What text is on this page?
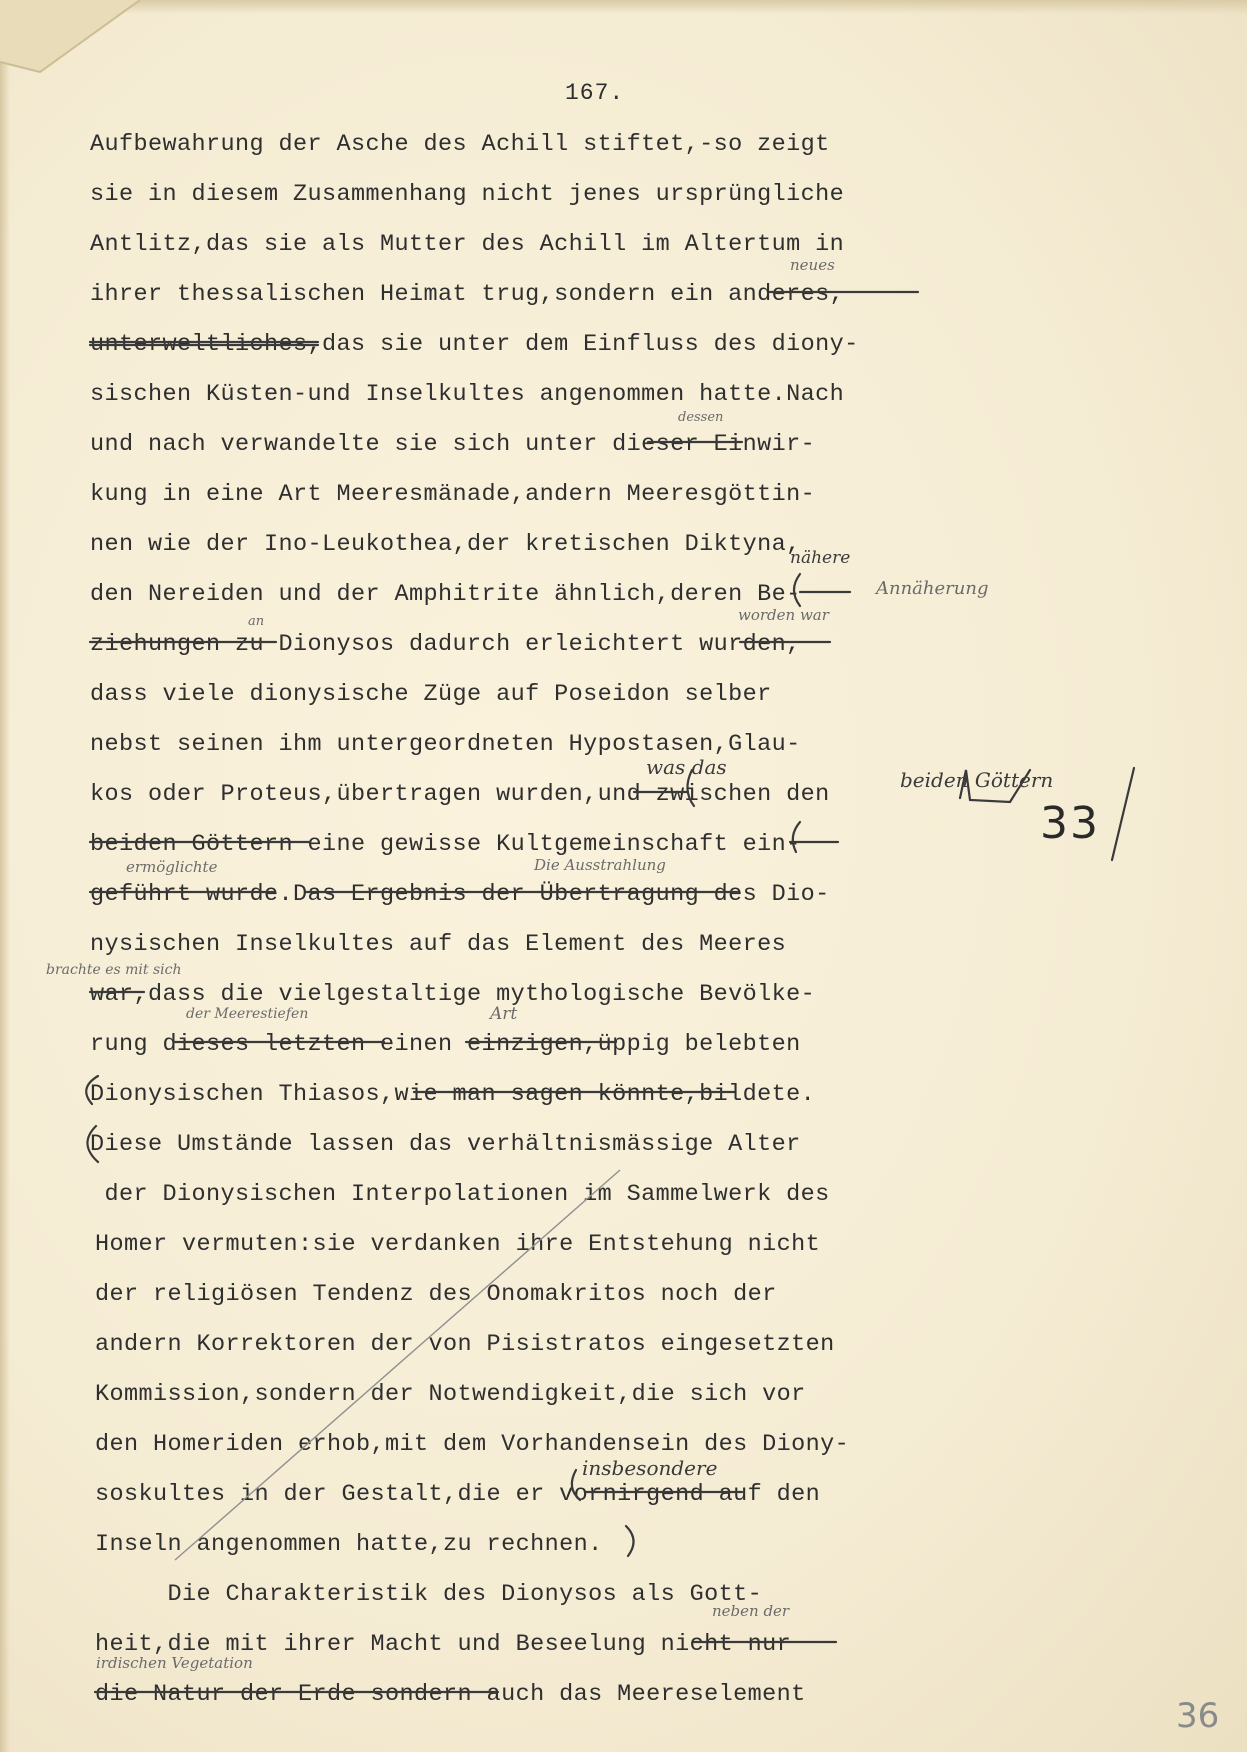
167.

Aufbewahrung der Asche des Achill stiftet,-so zeigt

sie in diesem Zusammenhang nicht jenes ursprüngliche

Antlitz,das sie als Mutter des Achill im Altertum in

ihrer thessalischen Heimat trug,sondern ein anderes,

unterweltliches,das sie unter dem Einfluss des diony-

sischen Küsten-und Inselkultes angenommen hatte.Nach

und nach verwandelte sie sich unter dieser Einwir-

kung in eine Art Meeresmänade,andern Meeresgöttin-

nen wie der Ino-Leukothea,der kretischen Diktyna,

den Nereiden und der Amphitrite ähnlich,deren Be-

ziehungen zu Dionysos dadurch erleichtert wurden,

dass viele dionysische Züge auf Poseidon selber

nebst seinen ihm untergeordneten Hypostasen,Glau-

kos oder Proteus,übertragen wurden,und zwischen den

beiden Göttern eine gewisse Kultgemeinschaft ein-

geführt wurde.Das Ergebnis der Übertragung des Dio-

nysischen Inselkultes auf das Element des Meeres

war,dass die vielgestaltige mythologische Bevölke-

rung dieses letzten einen einzigen,üppig belebten

Dionysischen Thiasos,wie man sagen könnte,bildete.

Diese Umstände lassen das verhältnismässige Alter

der Dionysischen Interpolationen im Sammelwerk des

Homer vermuten:sie verdanken ihre Entstehung nicht

der religiösen Tendenz des Onomakritos noch der

andern Korrektoren der von Pisistratos eingesetzten

Kommission,sondern der Notwendigkeit,die sich vor

den Homeriden erhob,mit dem Vorhandensein des Diony-

soskultes in der Gestalt,die er vornirgend auf den

Inseln angenommen hatte,zu rechnen.

Die Charakteristik des Dionysos als Gott-

heit,die mit ihrer Macht und Beseelung nicht nur

die Natur der Erde sondern auch das Meereselement

neues

dessen

nähere

Annäherung

an	worden war

was das

beiden Göttern

33

ermöglichte	Die Ausstrahlung

brachte es mit sich

der Meerestiefen	Art

insbesondere

neben der

irdischen Vegetation

36
